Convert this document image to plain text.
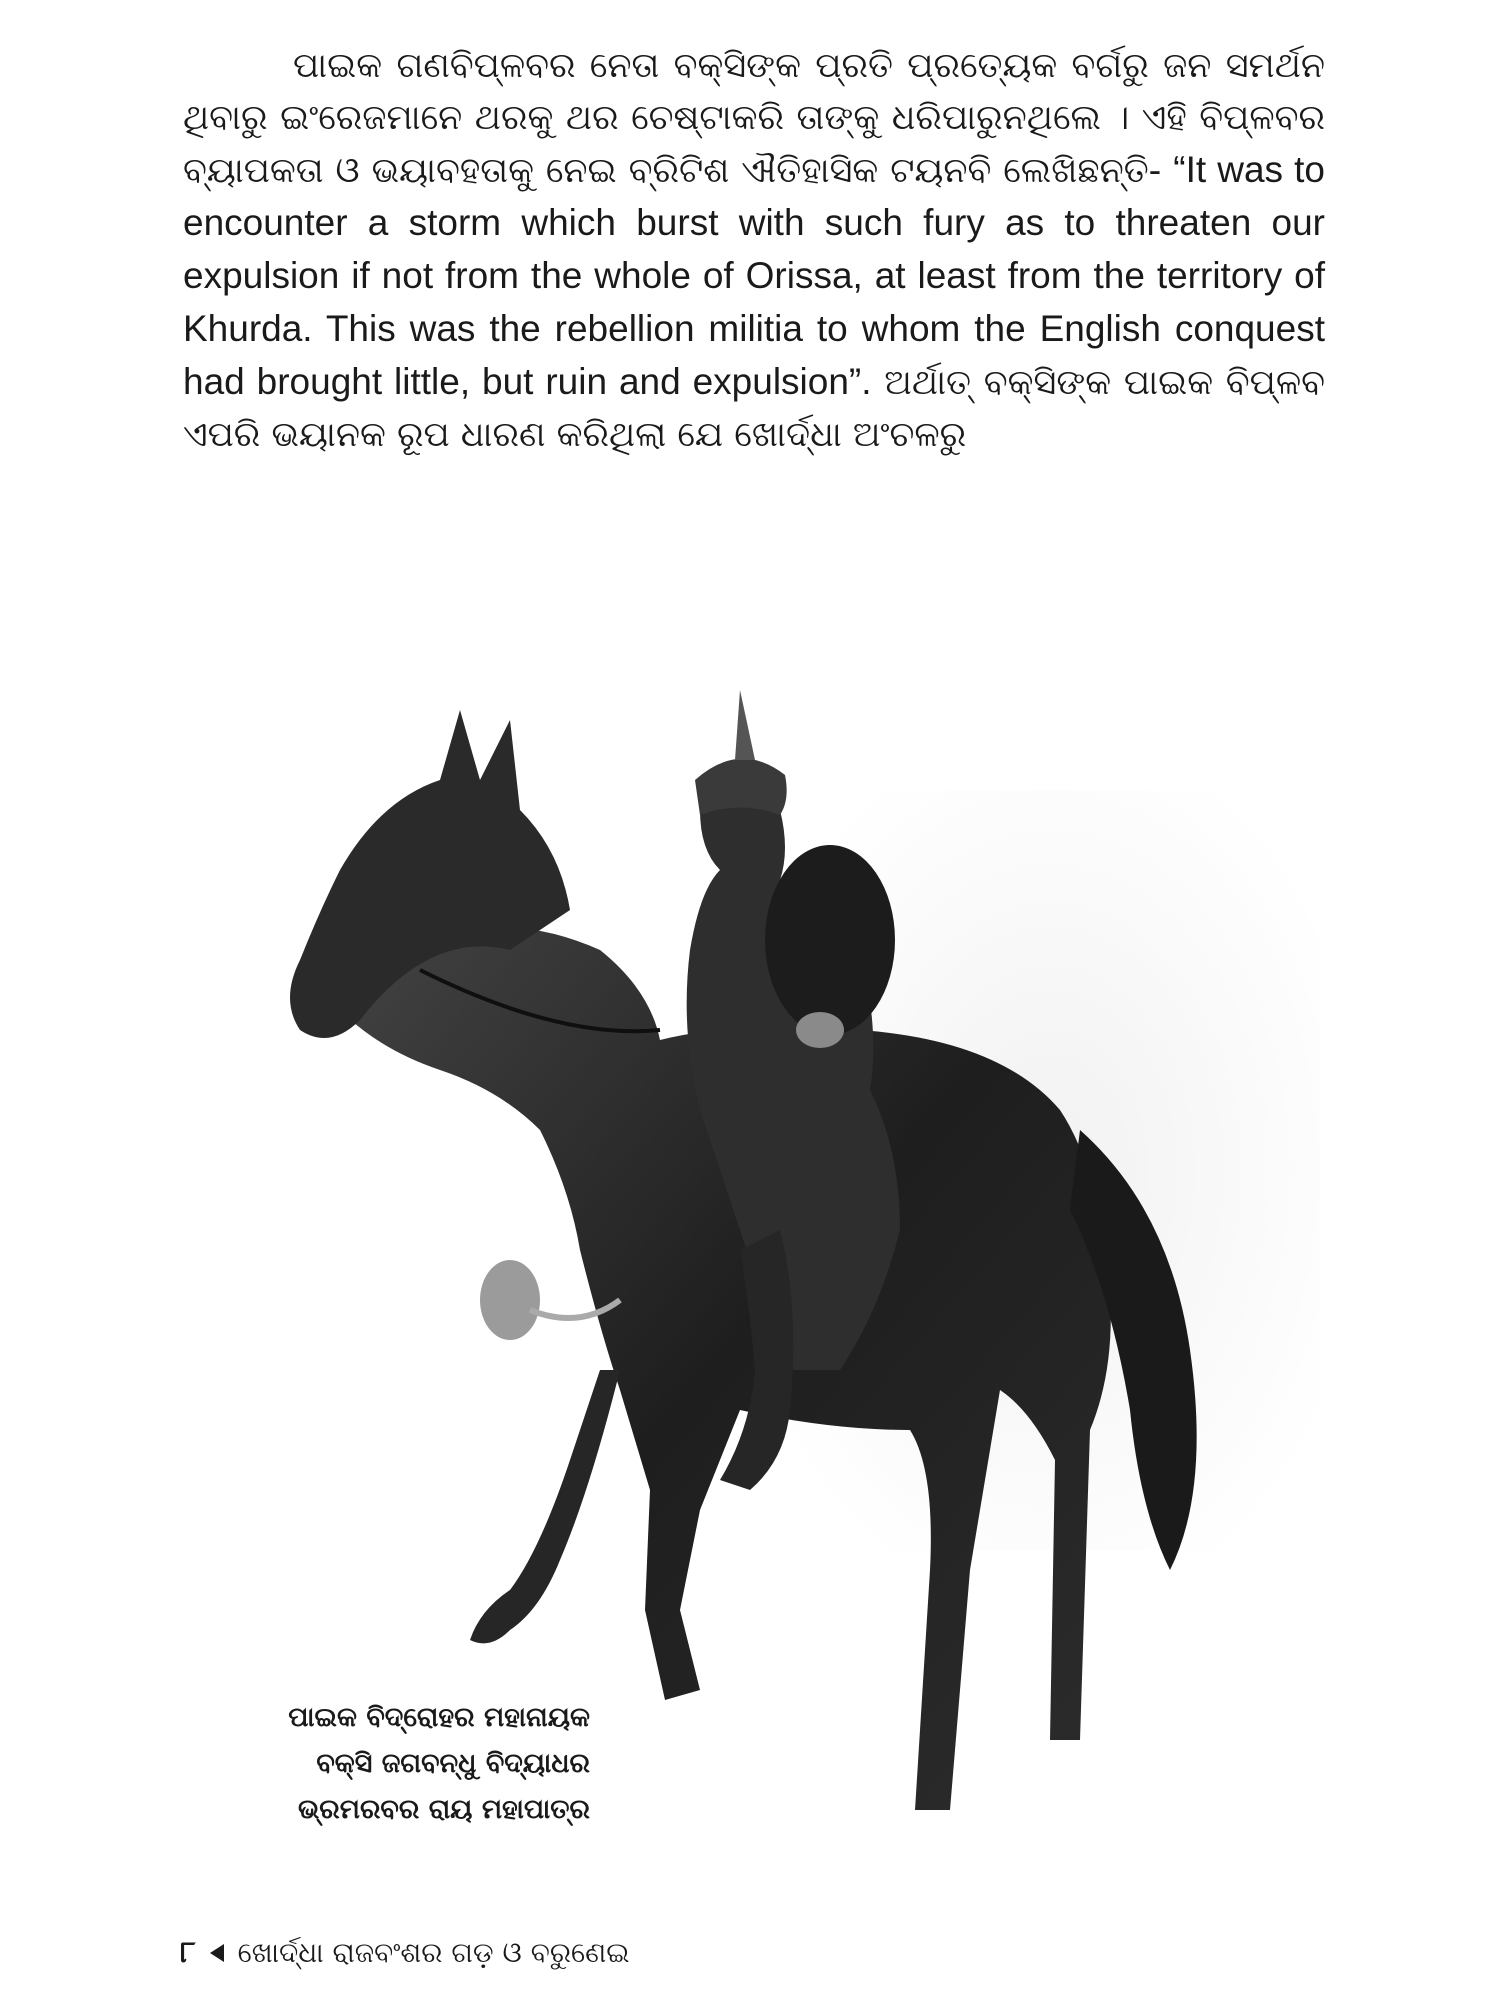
ପାଇକ ଗଣବିପ୍ଳବର ନେତା ବକ୍ସିଙ୍କ ପ୍ରତି ପ୍ରତ୍ୟେକ ବର୍ଗରୁ ଜନ ସମର୍ଥନ ଥିବାରୁ ଇଂରେଜମାନେ ଥରକୁ ଥର ଚେଷ୍ଟାକରି ତାଙ୍କୁ ଧରିପାରୁନଥିଲେ । ଏହି ବିପ୍ଳବର ବ୍ୟାପକତା ଓ ଭୟାବହତାକୁ ନେଇ ବ୍ରିଟିଶ ଐତିହାସିକ ଟୟନବି ଲେଖିଛନ୍ତି- “It was to encounter a storm which burst with such fury as to threaten our expulsion if not from the whole of Orissa, at least from the territory of Khurda. This was the rebellion militia to whom the English conquest had brought little, but ruin and expulsion”. ଅର୍ଥାତ୍ ବକ୍ସିଙ୍କ ପାଇକ ବିପ୍ଳବ ଏପରି ଭୟାନକ ରୂପ ଧାରଣ କରିଥିଲା ଯେ ଖୋର୍ଦ୍ଧା ଅଂଚଳରୁ

ପାଇକ ବିଦ୍ରୋହର ମହାନାୟକ
ବକ୍ସି ଜଗବନ୍ଧୁ ବିଦ୍ୟାଧର
ଭ୍ରମରବର ରାୟ ମହାପାତ୍ର
୮ ଖୋର୍ଦ୍ଧା ରାଜବଂଶର ଗଡ଼ ଓ ବରୁଣେଇ
